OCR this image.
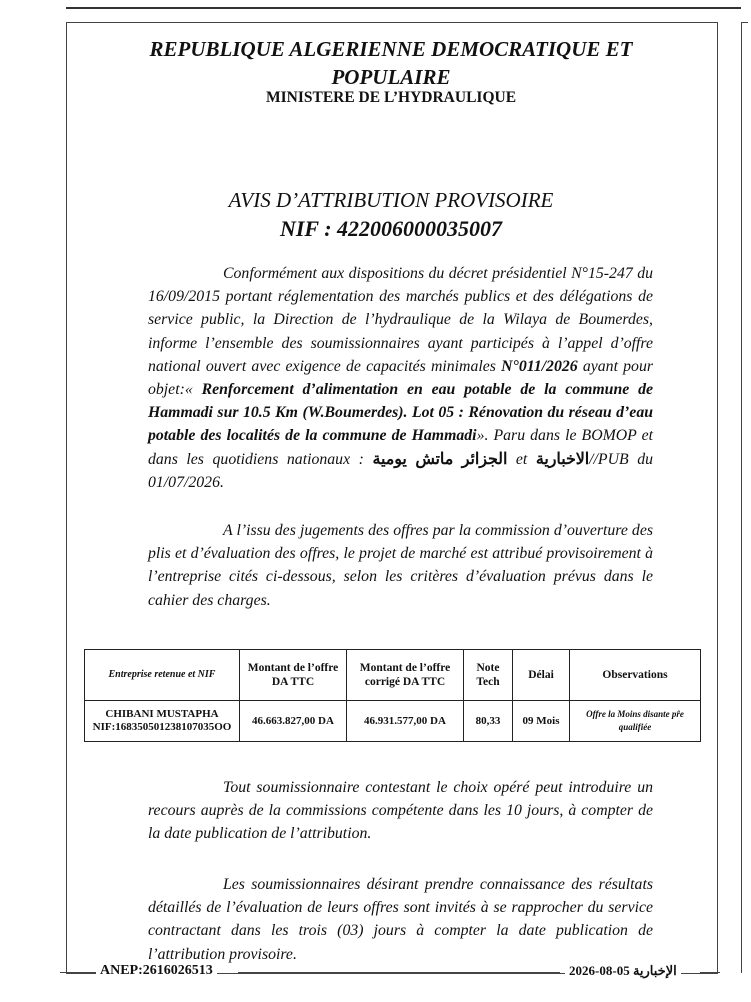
REPUBLIQUE ALGERIENNE DEMOCRATIQUE ET
POPULAIRE
MINISTERE DE L’HYDRAULIQUE
AVIS D’ATTRIBUTION PROVISOIRE
NIF : 422006000035007
Conformément aux dispositions du décret présidentiel N°15-247 du 16/09/2015 portant réglementation des marchés publics et des délégations de service public, la Direction de l’hydraulique de la Wilaya de Boumerdes, informe l’ensemble des soumissionnaires ayant participés à l’appel d’offre national ouvert avec exigence de capacités minimales N°011/2026 ayant pour objet:« Renforcement d’alimentation en eau potable de la commune de Hammadi sur 10.5 Km (W.Boumerdes). Lot 05 : Rénovation du réseau d’eau potable des localités de la commune de Hammadi». Paru dans le BOMOP et dans les quotidiens nationaux : يومية الجزائر ماتش et الاخبارية//PUB du 01/07/2026.
A l’issu des jugements des offres par la commission d’ouverture des plis et d’évaluation des offres, le projet de marché est attribué provisoirement à l’entreprise cités ci-dessous, selon les critères d’évaluation prévus dans le cahier des charges.
Entreprise retenue et NIF	Montant de l’offre DA TTC	Montant de l’offre corrigé DA TTC	Note Tech	Délai	Observations

CHIBANI MUSTAPHA
NIF:168350501238107035OO	46.663.827,00 DA	46.931.577,00 DA	80,33	09 Mois	Offre la Moins disante pr̂e qualifiée
Tout soumissionnaire contestant le choix opéré peut introduire un recours auprès de la commissions compétente dans les 10 jours, à compter de la date publication de l’attribution.
Les soumissionnaires désirant prendre connaissance des résultats détaillés de l’évaluation de leurs offres sont invités à se rapprocher du service contractant dans les trois (03) jours à compter la date publication de l’attribution provisoire.
ANEP:2616026513	الإخبارية 05-08-2026
